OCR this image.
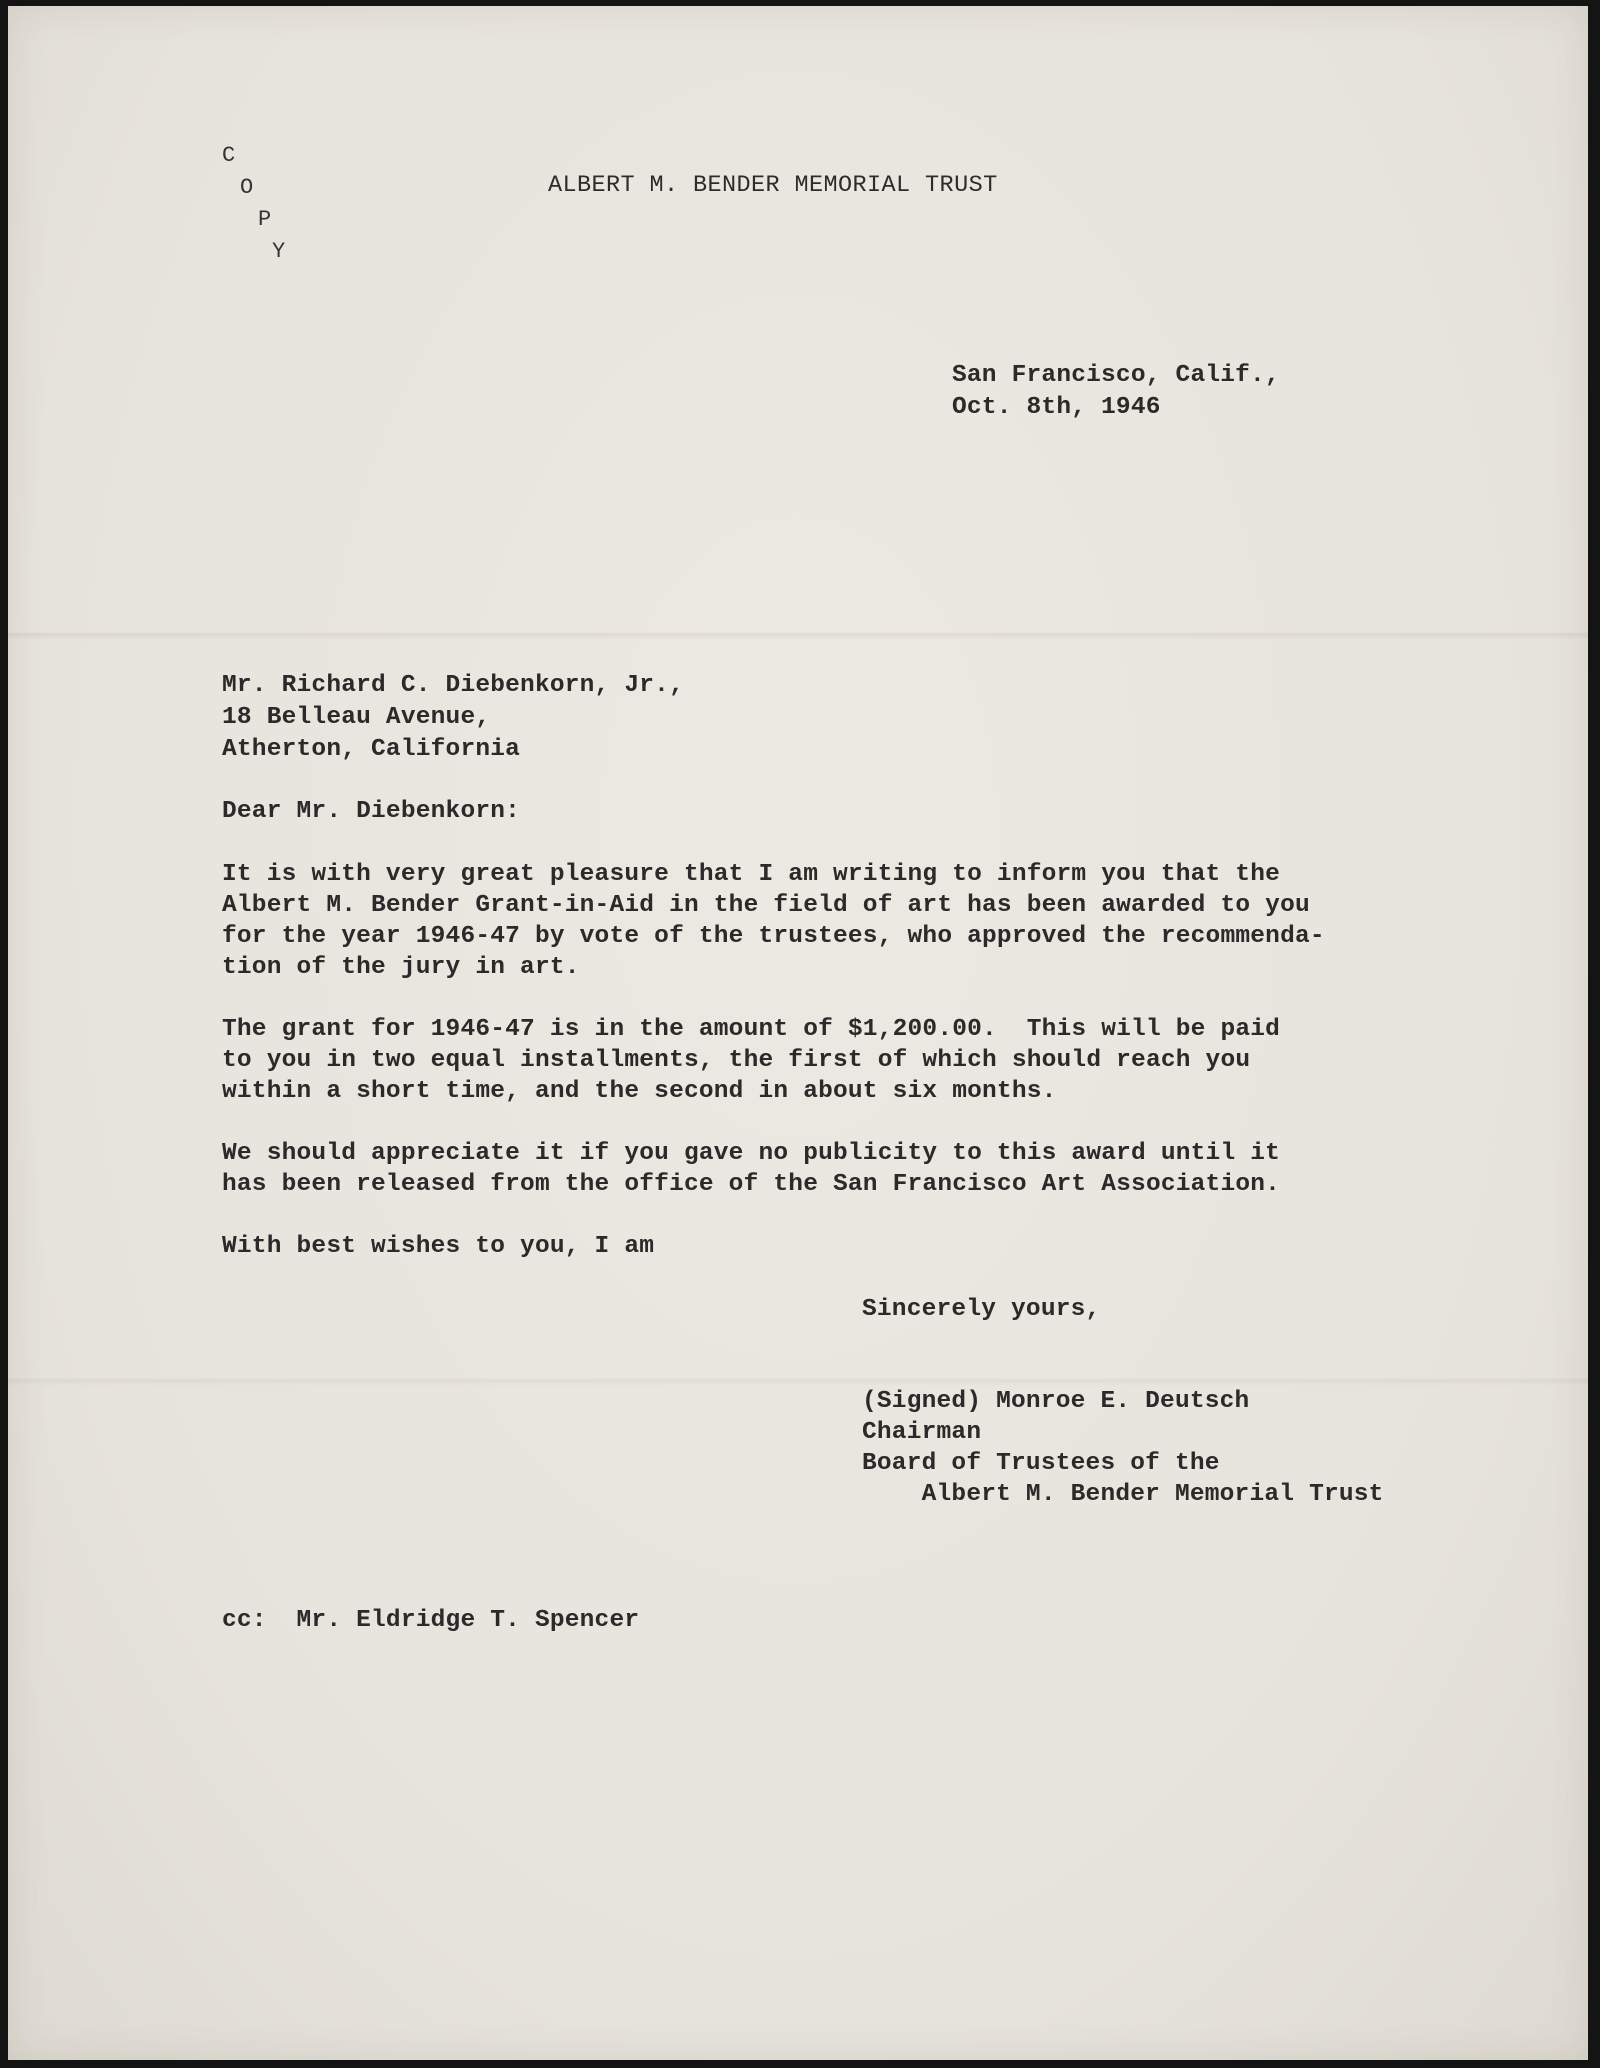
C
O
P
Y
ALBERT M. BENDER MEMORIAL TRUST
San Francisco, Calif.,
Oct. 8th, 1946
Mr. Richard C. Diebenkorn, Jr.,
18 Belleau Avenue,
Atherton, California
Dear Mr. Diebenkorn:
It is with very great pleasure that I am writing to inform you that the
Albert M. Bender Grant-in-Aid in the field of art has been awarded to you
for the year 1946-47 by vote of the trustees, who approved the recommenda-
tion of the jury in art.
The grant for 1946-47 is in the amount of $1,200.00.  This will be paid
to you in two equal installments, the first of which should reach you
within a short time, and the second in about six months.
We should appreciate it if you gave no publicity to this award until it
has been released from the office of the San Francisco Art Association.
With best wishes to you, I am
Sincerely yours,
(Signed) Monroe E. Deutsch
Chairman
Board of Trustees of the
Albert M. Bender Memorial Trust
cc:  Mr. Eldridge T. Spencer
